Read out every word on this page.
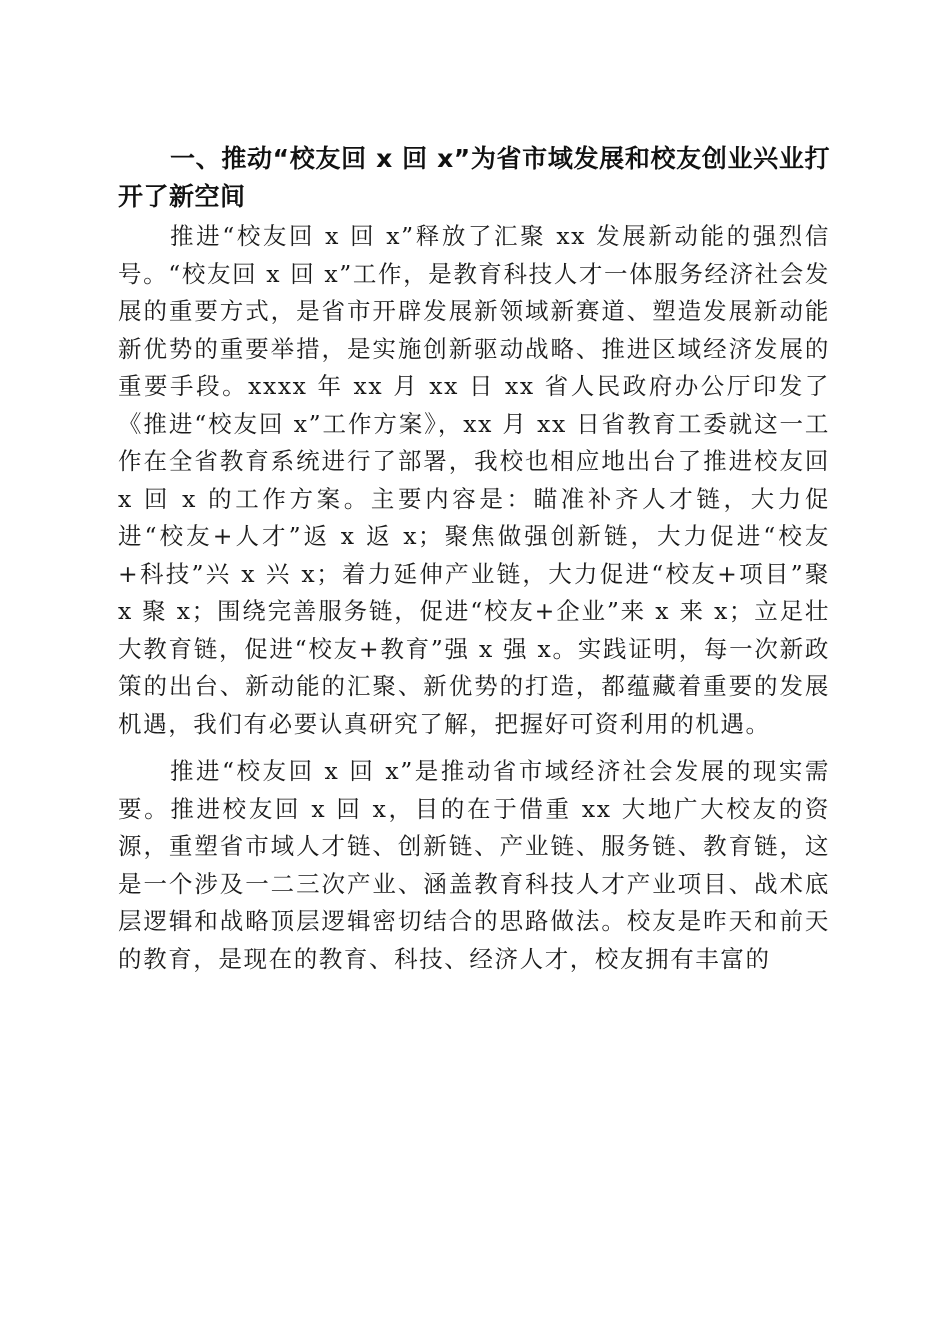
一、推动“校友回 x 回 x”为省市域发展和校友创业兴业打开了新空间

推进“校友回 x 回 x”释放了汇聚 xx 发展新动能的强烈信号。“校友回 x 回 x”工作，是教育科技人才一体服务经济社会发展的重要方式，是省市开辟发展新领域新赛道、塑造发展新动能新优势的重要举措，是实施创新驱动战略、推进区域经济发展的重要手段。xxxx 年 xx 月 xx 日 xx 省人民政府办公厅印发了《推进“校友回 x”工作方案》，xx 月 xx 日省教育工委就这一工作在全省教育系统进行了部署，我校也相应地出台了推进校友回 x 回 x 的工作方案。主要内容是：瞄准补齐人才链，大力促进“校友+人才”返 x 返 x；聚焦做强创新链，大力促进“校友+科技”兴 x 兴 x；着力延伸产业链，大力促进“校友+项目”聚 x 聚 x；围绕完善服务链，促进“校友+企业”来 x 来 x；立足壮大教育链，促进“校友+教育”强 x 强 x。实践证明，每一次新政策的出台、新动能的汇聚、新优势的打造，都蕴藏着重要的发展机遇，我们有必要认真研究了解，把握好可资利用的机遇。

推进“校友回 x 回 x”是推动省市域经济社会发展的现实需要。推进校友回 x 回 x，目的在于借重 xx 大地广大校友的资源，重塑省市域人才链、创新链、产业链、服务链、教育链，这是一个涉及一二三次产业、涵盖教育科技人才产业项目、战术底层逻辑和战略顶层逻辑密切结合的思路做法。校友是昨天和前天的教育，是现在的教育、科技、经济人才，校友拥有丰富的
